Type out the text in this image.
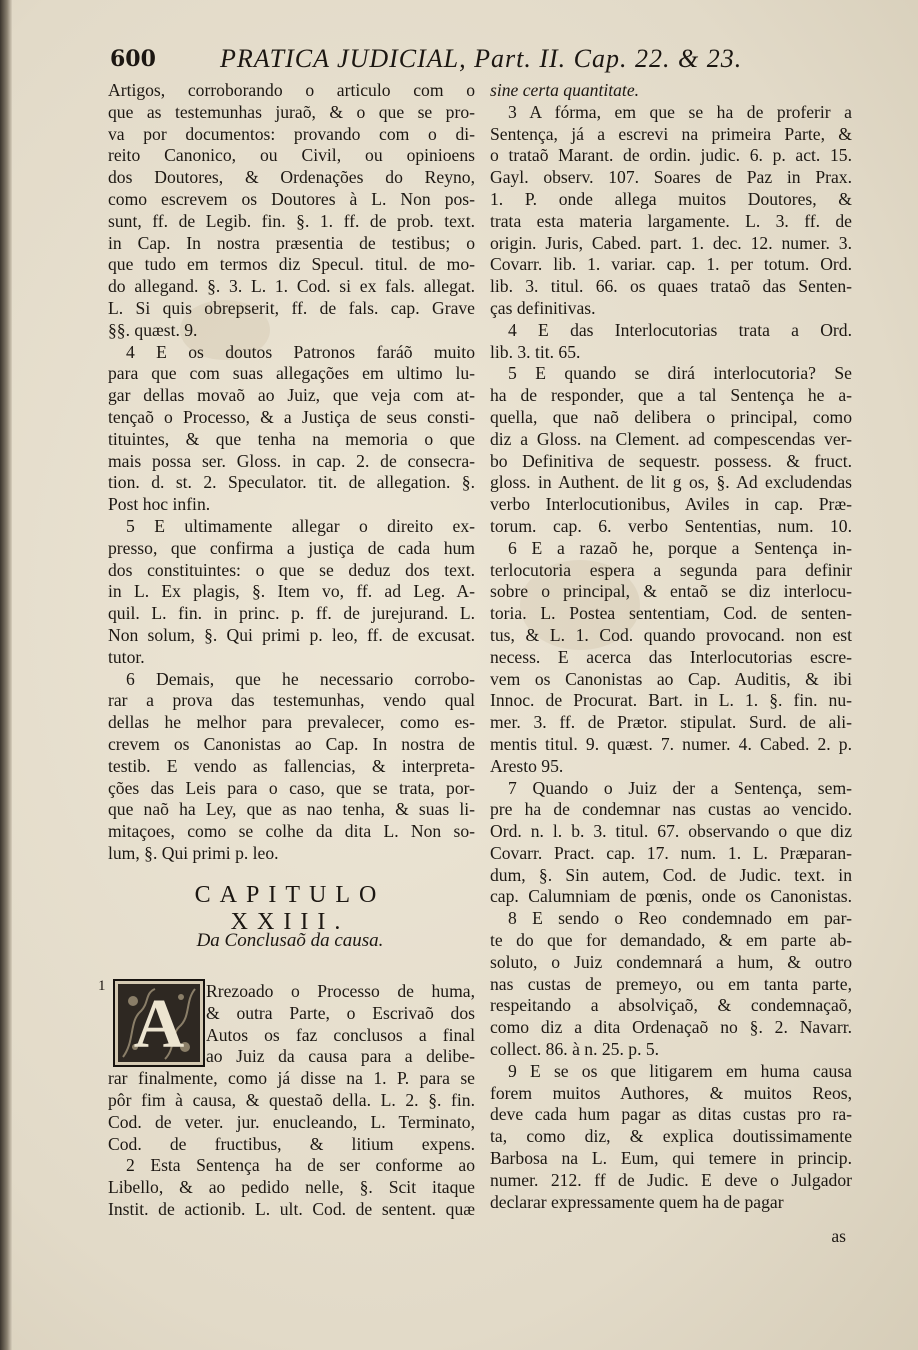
600 PRATICA JUDICIAL, Part. II. Cap. 22. & 23.
Artigos, corroborando o articulo com o
que as testemunhas juraõ, & o que se pro-
va por documentos: provando com o di-
reito Canonico, ou Civil, ou opinioens
dos Doutores, & Ordenações do Reyno,
como escrevem os Doutores à L. Non pos-
sunt, ff. de Legib. fin. §. 1. ff. de prob. text.
in Cap. In nostra præsentia de testibus; o
que tudo em termos diz Specul. titul. de mo-
do allegand. §. 3. L. 1. Cod. si ex fals. allegat.
L. Si quis obrepserit, ff. de fals. cap. Grave
§§. quæst. 9.
4 E os doutos Patronos faráõ muito
para que com suas allegações em ultimo lu-
gar dellas movaõ ao Juiz, que veja com at-
tençaõ o Processo, & a Justiça de seus consti-
tituintes, & que tenha na memoria o que
mais possa ser. Gloss. in cap. 2. de consecra-
tion. d. st. 2. Speculator. tit. de allegation. §.
Post hoc infin.
5 E ultimamente allegar o direito ex-
presso, que confirma a justiça de cada hum
dos constituintes: o que se deduz dos text.
in L. Ex plagis, §. Item vo, ff. ad Leg. A-
quil. L. fin. in princ. p. ff. de jurejurand. L.
Non solum, §. Qui primi p. leo, ff. de excusat.
tutor.
6 Demais, que he necessario corrobo-
rar a prova das testemunhas, vendo qual
dellas he melhor para prevalecer, como es-
crevem os Canonistas ao Cap. In nostra de
testib. E vendo as fallencias, & interpreta-
ções das Leis para o caso, que se trata, por-
que naõ ha Ley, que as nao tenha, & suas li-
mitaçoes, como se colhe da dita L. Non so-
lum, §. Qui primi p. leo.
CAPITULO XXIII.
Da Conclusaõ da causa.
1 A	Rrezoado o Processo de huma,
& outra Parte, o Escrivaõ dos
Autos os faz conclusos a final
ao Juiz da causa para a delibe-
rar finalmente, como já disse na 1. P. para se
pôr fim à causa, & questaõ della. L. 2. §. fin.
Cod. de veter. jur. enucleando, L. Terminato,
Cod. de fructibus, & litium expens.
2 Esta Sentença ha de ser conforme ao
Libello, & ao pedido nelle, §. Scit itaque
Instit. de actionib. L. ult. Cod. de sentent. quæ
sine certa quantitate.
3 A fórma, em que se ha de proferir a
Sentença, já a escrevi na primeira Parte, &
o trataõ Marant. de ordin. judic. 6. p. act. 15.
Gayl. observ. 107. Soares de Paz in Prax.
1. P. onde allega muitos Doutores, &
trata esta materia largamente. L. 3. ff. de
origin. Juris, Cabed. part. 1. dec. 12. numer. 3.
Covarr. lib. 1. variar. cap. 1. per totum. Ord.
lib. 3. titul. 66. os quaes trataõ das Senten-
ças definitivas.
4 E das Interlocutorias trata a Ord.
lib. 3. tit. 65.
5 E quando se dirá interlocutoria? Se
ha de responder, que a tal Sentença he a-
quella, que naõ delibera o principal, como
diz a Gloss. na Clement. ad compescendas ver-
bo Definitiva de sequestr. possess. & fruct.
gloss. in Authent. de lit g os, §. Ad excludendas
verbo Interlocutionibus, Aviles in cap. Præ-
torum. cap. 6. verbo Sententias, num. 10.
6 E a razaõ he, porque a Sentença in-
terlocutoria espera a segunda para definir
sobre o principal, & entaõ se diz interlocu-
toria. L. Postea sententiam, Cod. de senten-
tus, & L. 1. Cod. quando provocand. non est
necess. E acerca das Interlocutorias escre-
vem os Canonistas ao Cap. Auditis, & ibi
Innoc. de Procurat. Bart. in L. 1. §. fin. nu-
mer. 3. ff. de Prætor. stipulat. Surd. de ali-
mentis titul. 9. quæst. 7. numer. 4. Cabed. 2. p.
Aresto 95.
7 Quando o Juiz der a Sentença, sem-
pre ha de condemnar nas custas ao vencido.
Ord. n. l. b. 3. titul. 67. observando o que diz
Covarr. Pract. cap. 17. num. 1. L. Præparan-
dum, §. Sin autem, Cod. de Judic. text. in
cap. Calumniam de pœnis, onde os Canonistas.
8 E sendo o Reo condemnado em par-
te do que for demandado, & em parte ab-
soluto, o Juiz condemnará a hum, & outro
nas custas de premeyo, ou em tanta parte,
respeitando a absolviçaõ, & condemnaçaõ,
como diz a dita Ordenaçaõ no §. 2. Navarr.
collect. 86. à n. 25. p. 5.
9 E se os que litigarem em huma causa
forem muitos Authores, & muitos Reos,
deve cada hum pagar as ditas custas pro ra-
ta, como diz, & explica doutissimamente
Barbosa na L. Eum, qui temere in princip.
numer. 212. ff de Judic. E deve o Julgador
declarar expressamente quem ha de pagar
as
